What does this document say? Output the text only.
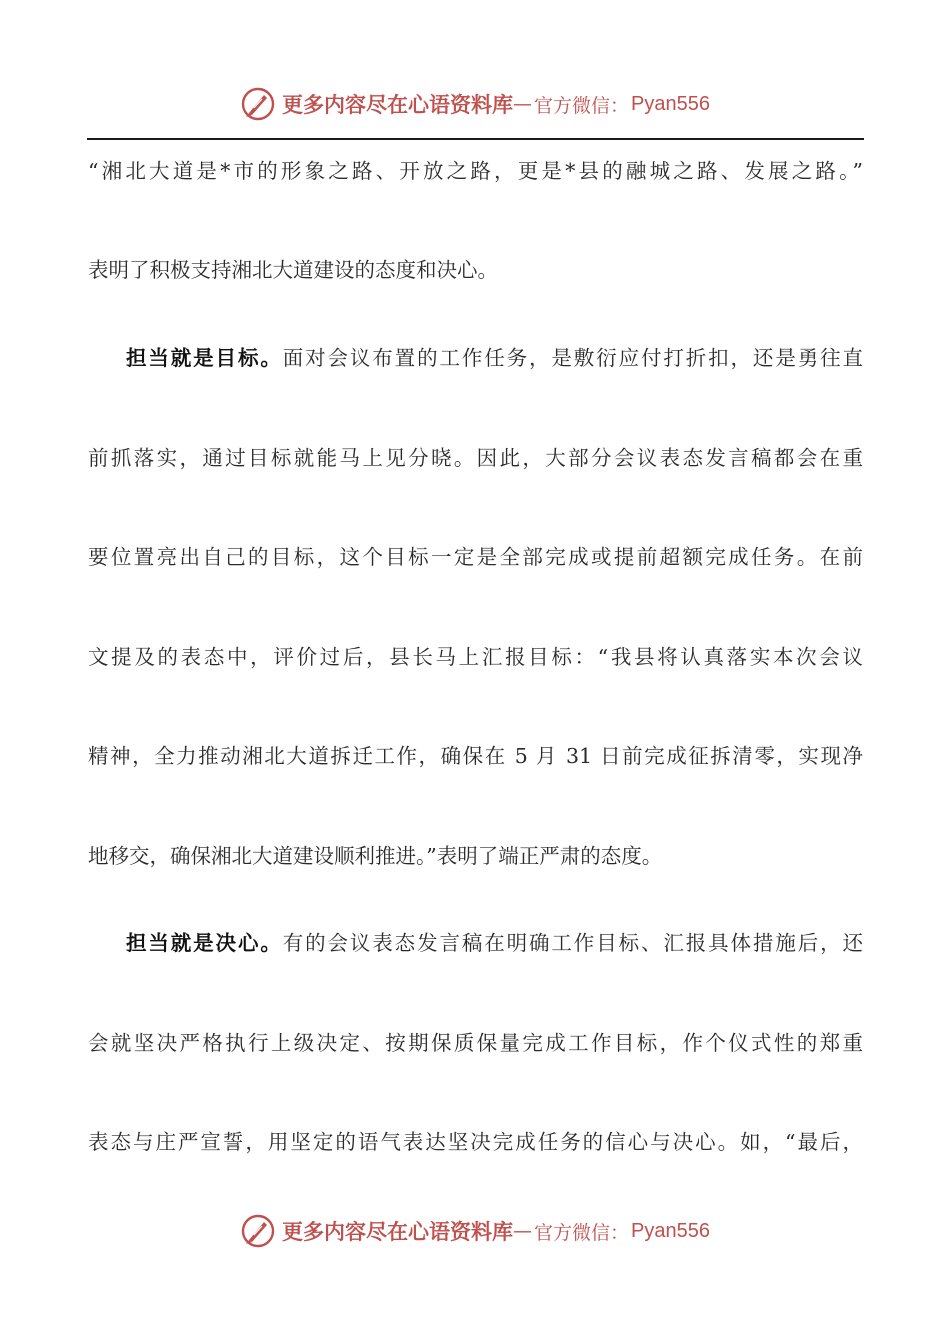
更多内容尽在心语资料库 — 官方微信： Pyan556
“湘北大道是*市的形象之路、开放之路，更是*县的融城之路、发展之路。”
表明了积极支持湘北大道建设的态度和决心。
担当就是目标。面对会议布置的工作任务，是敷衍应付打折扣，还是勇往直
前抓落实，通过目标就能马上见分晓。因此，大部分会议表态发言稿都会在重
要位置亮出自己的目标，这个目标一定是全部完成或提前超额完成任务。在前
文提及的表态中，评价过后，县长马上汇报目标：“我县将认真落实本次会议
精神，全力推动湘北大道拆迁工作，确保在 5 月 31 日前完成征拆清零，实现净
地移交，确保湘北大道建设顺利推进。”表明了端正严肃的态度。
担当就是决心。有的会议表态发言稿在明确工作目标、汇报具体措施后，还
会就坚决严格执行上级决定、按期保质保量完成工作目标，作个仪式性的郑重
表态与庄严宣誓，用坚定的语气表达坚决完成任务的信心与决心。如，“最后，
更多内容尽在心语资料库 — 官方微信： Pyan556
